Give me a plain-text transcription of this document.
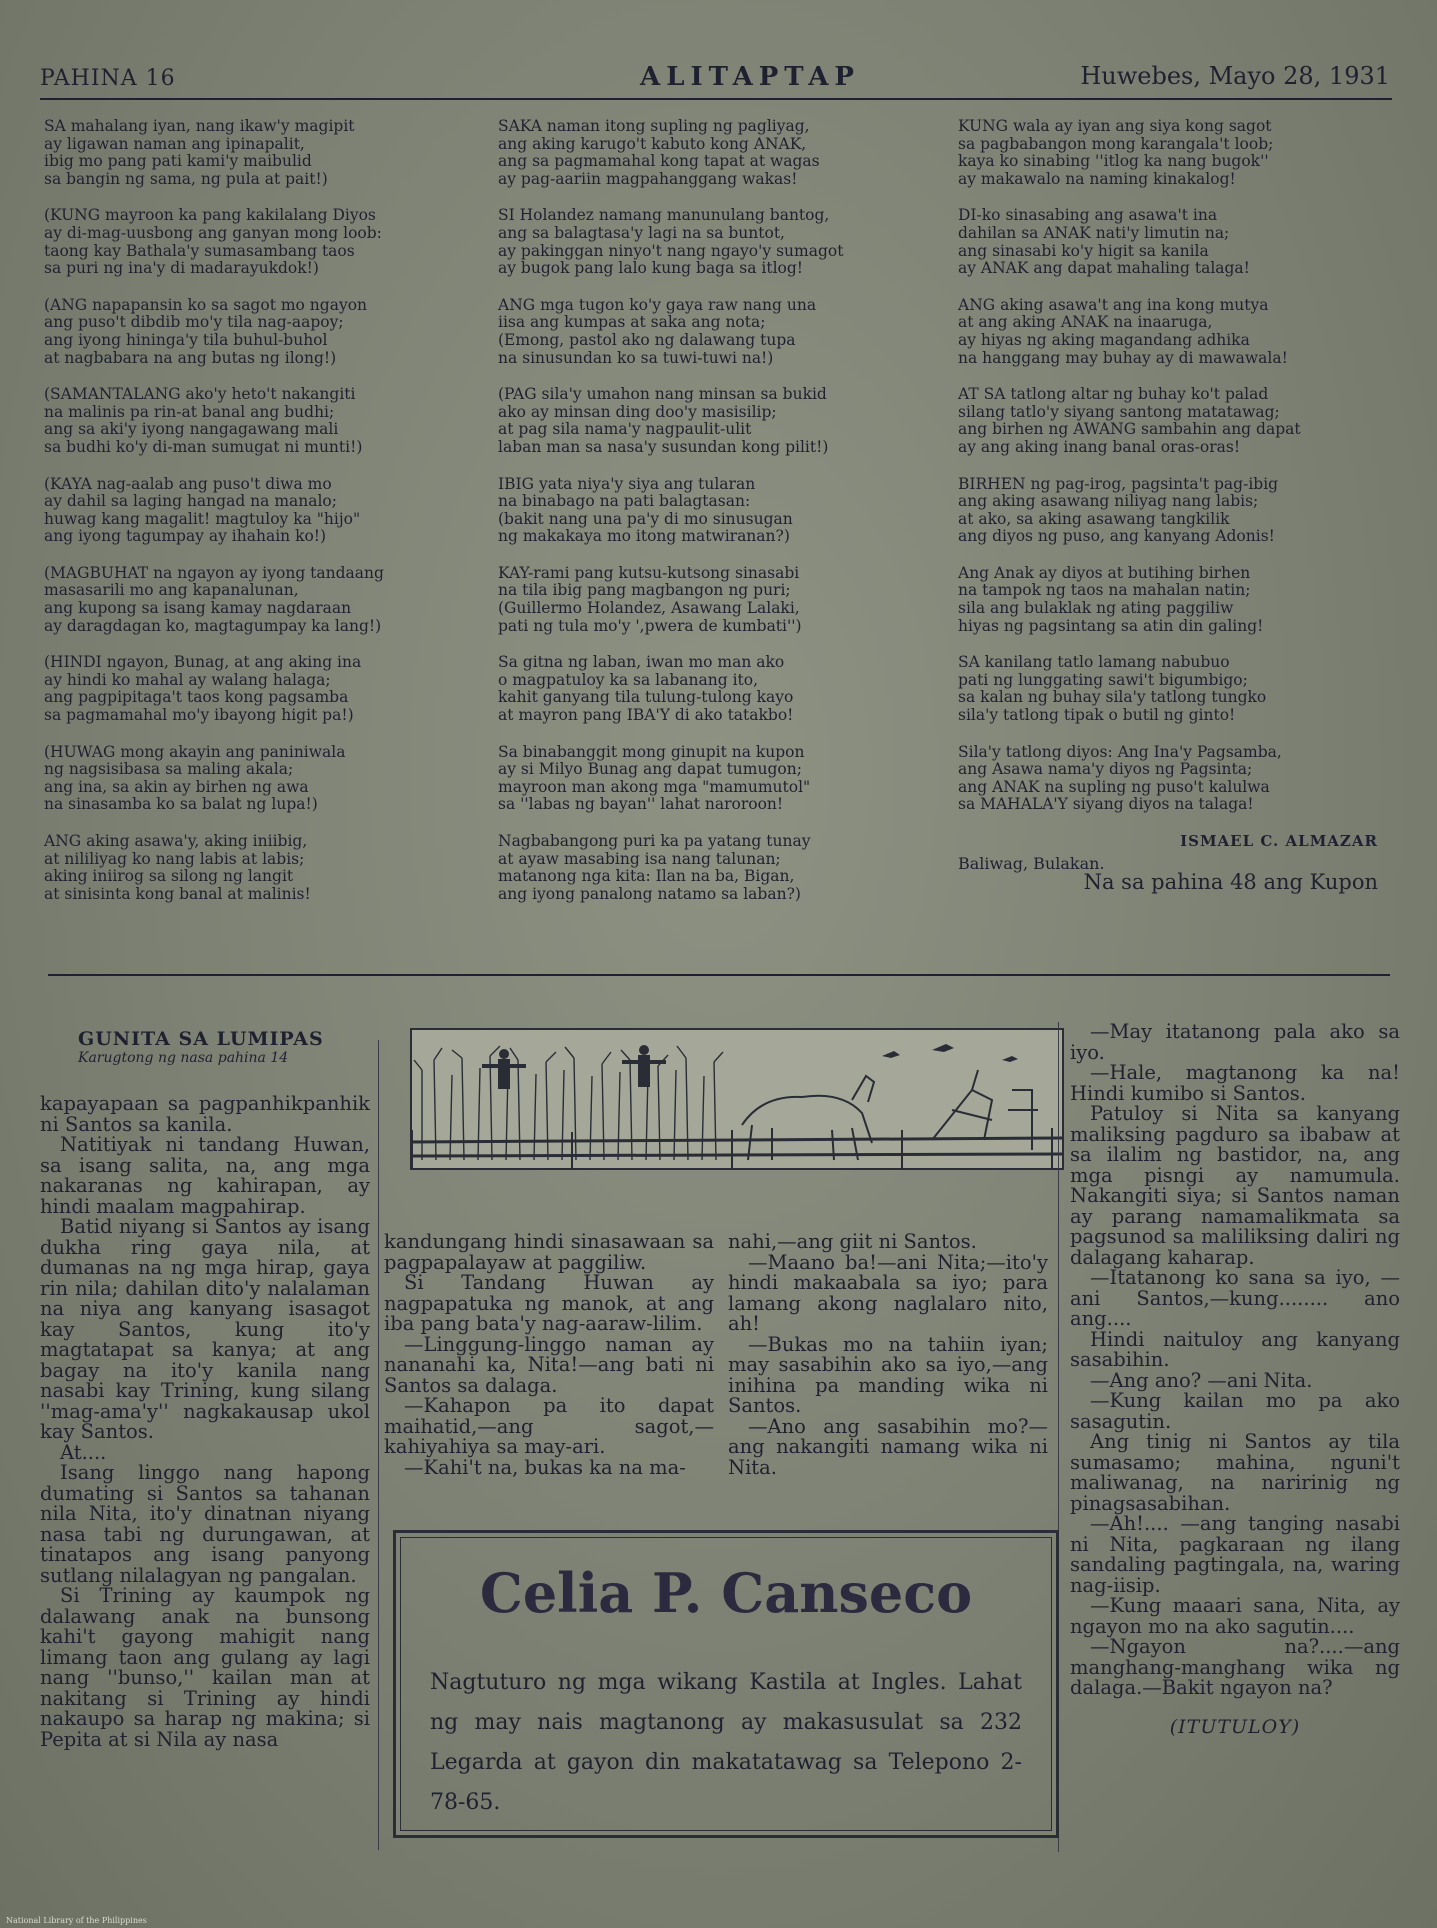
PAHINA 16	ALITAPTAP	Huwebes, Mayo 28, 1931
SA mahalang iyan, nang ikaw'y magipit
ay ligawan naman ang ipinapalit,
ibig mo pang pati kami'y maibulid
sa bangin ng sama, ng pula at pait!)
(KUNG mayroon ka pang kakilalang Diyos
ay di-mag-uusbong ang ganyan mong loob:
taong kay Bathala'y sumasambang taos
sa puri ng ina'y di madarayukdok!)
(ANG napapansin ko sa sagot mo ngayon
ang puso't dibdib mo'y tila nag-aapoy;
ang iyong hininga'y tila buhul-buhol
at nagbabara na ang butas ng ilong!)
(SAMANTALANG ako'y heto't nakangiti
na malinis pa rin-at banal ang budhi;
ang sa aki'y iyong nangagawang mali
sa budhi ko'y di-man sumugat ni munti!)
(KAYA nag-aalab ang puso't diwa mo
ay dahil sa laging hangad na manalo;
huwag kang magalit! magtuloy ka "hijo"
ang iyong tagumpay ay ihahain ko!)
(MAGBUHAT na ngayon ay iyong tandaang
masasarili mo ang kapanalunan,
ang kupong sa isang kamay nagdaraan
ay daragdagan ko, magtagumpay ka lang!)
(HINDI ngayon, Bunag, at ang aking ina
ay hindi ko mahal ay walang halaga;
ang pagpipitaga't taos kong pagsamba
sa pagmamahal mo'y ibayong higit pa!)
(HUWAG mong akayin ang paniniwala
ng nagsisibasa sa maling akala;
ang ina, sa akin ay birhen ng awa
na sinasamba ko sa balat ng lupa!)
ANG aking asawa'y, aking iniibig,
at nililiyag ko nang labis at labis;
aking iniirog sa silong ng langit
at sinisinta kong banal at malinis!
SAKA naman itong supling ng pagliyag,
ang aking karugo't kabuto kong ANAK,
ang sa pagmamahal kong tapat at wagas
ay pag-aariin magpahanggang wakas!
SI Holandez namang manunulang bantog,
ang sa balagtasa'y lagi na sa buntot,
ay pakinggan ninyo't nang ngayo'y sumagot
ay bugok pang lalo kung baga sa itlog!
ANG mga tugon ko'y gaya raw nang una
iisa ang kumpas at saka ang nota;
(Emong, pastol ako ng dalawang tupa
na sinusundan ko sa tuwi-tuwi na!)
(PAG sila'y umahon nang minsan sa bukid
ako ay minsan ding doo'y masisilip;
at pag sila nama'y nagpaulit-ulit
laban man sa nasa'y susundan kong pilit!)
IBIG yata niya'y siya ang tularan
na binabago na pati balagtasan:
(bakit nang una pa'y di mo sinusugan
ng makakaya mo itong matwiranan?)
KAY-rami pang kutsu-kutsong sinasabi
na tila ibig pang magbangon ng puri;
(Guillermo Holandez, Asawang Lalaki,
pati ng tula mo'y ',pwera de kumbati'')
Sa gitna ng laban, iwan mo man ako
o magpatuloy ka sa labanang ito,
kahit ganyang tila tulung-tulong kayo
at mayron pang IBA'Y di ako tatakbo!
Sa binabanggit mong ginupit na kupon
ay si Milyo Bunag ang dapat tumugon;
mayroon man akong mga "mamumutol"
sa ''labas ng bayan'' lahat naroroon!
Nagbabangong puri ka pa yatang tunay
at ayaw masabing isa nang talunan;
matanong nga kita: Ilan na ba, Bigan,
ang iyong panalong natamo sa laban?)
KUNG wala ay iyan ang siya kong sagot
sa pagbabangon mong karangala't loob;
kaya ko sinabing ''itlog ka nang bugok''
ay makawalo na naming kinakalog!
DI-ko sinasabing ang asawa't ina
dahilan sa ANAK nati'y limutin na;
ang sinasabi ko'y higit sa kanila
ay ANAK ang dapat mahaling talaga!
ANG aking asawa't ang ina kong mutya
at ang aking ANAK na inaaruga,
ay hiyas ng aking magandang adhika
na hanggang may buhay ay di mawawala!
AT SA tatlong altar ng buhay ko't palad
silang tatlo'y siyang santong matatawag;
ang birhen ng AWANG sambahin ang dapat
ay ang aking inang banal oras-oras!
BIRHEN ng pag-irog, pagsinta't pag-ibig
ang aking asawang niliyag nang labis;
at ako, sa aking asawang tangkilik
ang diyos ng puso, ang kanyang Adonis!
Ang Anak ay diyos at butihing birhen
na tampok ng taos na mahalan natin;
sila ang bulaklak ng ating paggiliw
hiyas ng pagsintang sa atin din galing!
SA kanilang tatlo lamang nabubuo
pati ng lunggating sawi't bigumbigo;
sa kalan ng buhay sila'y tatlong tungko
sila'y tatlong tipak o butil ng ginto!
Sila'y tatlong diyos: Ang Ina'y Pagsamba,
ang Asawa nama'y diyos ng Pagsinta;
ang ANAK na supling ng puso't kalulwa
sa MAHALA'Y siyang diyos na talaga!
ISMAEL C. ALMAZAR
Baliwag, Bulakan.
Na sa pahina 48 ang Kupon
GUNITA SA LUMIPAS
Karugtong ng nasa pahina 14

kapayapaan sa pagpanhikpanhik ni Santos sa kanila.

Natitiyak ni tandang Huwan, sa isang salita, na, ang mga nakaranas ng kahirapan, ay hindi maalam magpahirap.

Batid niyang si Santos ay isang dukha ring gaya nila, at dumanas na ng mga hirap, gaya rin nila; dahilan dito'y nalalaman na niya ang kanyang isasagot kay Santos, kung ito'y magtatapat sa kanya; at ang bagay na ito'y kanila nang nasabi kay Trining, kung silang ''mag-ama'y'' nagkakausap ukol kay Santos.

At....

Isang linggo nang hapong dumating si Santos sa tahanan nila Nita, ito'y dinatnan niyang nasa tabi ng durungawan, at tinatapos ang isang panyong sutlang nilalagyan ng pangalan.

Si Trining ay kaumpok ng dalawang anak na bunsong kahi't gayong mahigit nang limang taon ang gulang ay lagi nang ''bunso,'' kailan man at nakitang si Trining ay hindi nakaupo sa harap ng makina; si Pepita at si Nila ay nasa

kandungang hindi sinasawaan sa pagpapalayaw at paggiliw.

Si Tandang Huwan ay nagpapatuka ng manok, at ang iba pang bata'y nag-aaraw-lilim.

—Linggung-linggo naman ay nananahi ka, Nita!—ang bati ni Santos sa dalaga.

—Kahapon pa ito dapat maihatid,—ang sagot,—kahiyahiya sa may-ari.

—Kahi't na, bukas ka na ma-

nahi,—ang giit ni Santos.

—Maano ba!—ani Nita;—ito'y hindi makaabala sa iyo; para lamang akong naglalaro nito, ah!

—Bukas mo na tahiin iyan; may sasabihin ako sa iyo,—ang inihina pa manding wika ni Santos.

—Ano ang sasabihin mo?—ang nakangiti namang wika ni Nita.

—May itatanong pala ako sa iyo.

—Hale, magtanong ka na! Hindi kumibo si Santos.

Patuloy si Nita sa kanyang maliksing pagduro sa ibabaw at sa ilalim ng bastidor, na, ang mga pisngi ay namumula. Nakangiti siya; si Santos naman ay parang namamalikmata sa pagsunod sa maliliksing daliri ng dalagang kaharap.

—Itatanong ko sana sa iyo, —ani Santos,—kung........ ano ang....

Hindi naituloy ang kanyang sasabihin.

—Ang ano? —ani Nita.

—Kung kailan mo pa ako sasagutin.

Ang tinig ni Santos ay tila sumasamo; mahina, nguni't maliwanag, na naririnig ng pinagsasabihan.

—Ah!.... —ang tanging nasabi ni Nita, pagkaraan ng ilang sandaling pagtingala, na, waring nag-iisip.

—Kung maaari sana, Nita, ay ngayon mo na ako sagutin....

—Ngayon na?....—ang manghang-manghang wika ng dalaga.—Bakit ngayon na?

(ITUTULOY)
Celia P. Canseco
Nagtuturo ng mga wikang Kastila at Ingles. Lahat ng may nais magtanong ay makasusulat sa 232 Legarda at gayon din makatatawag sa Telepono 2-78-65.
National Library of the Philippines
